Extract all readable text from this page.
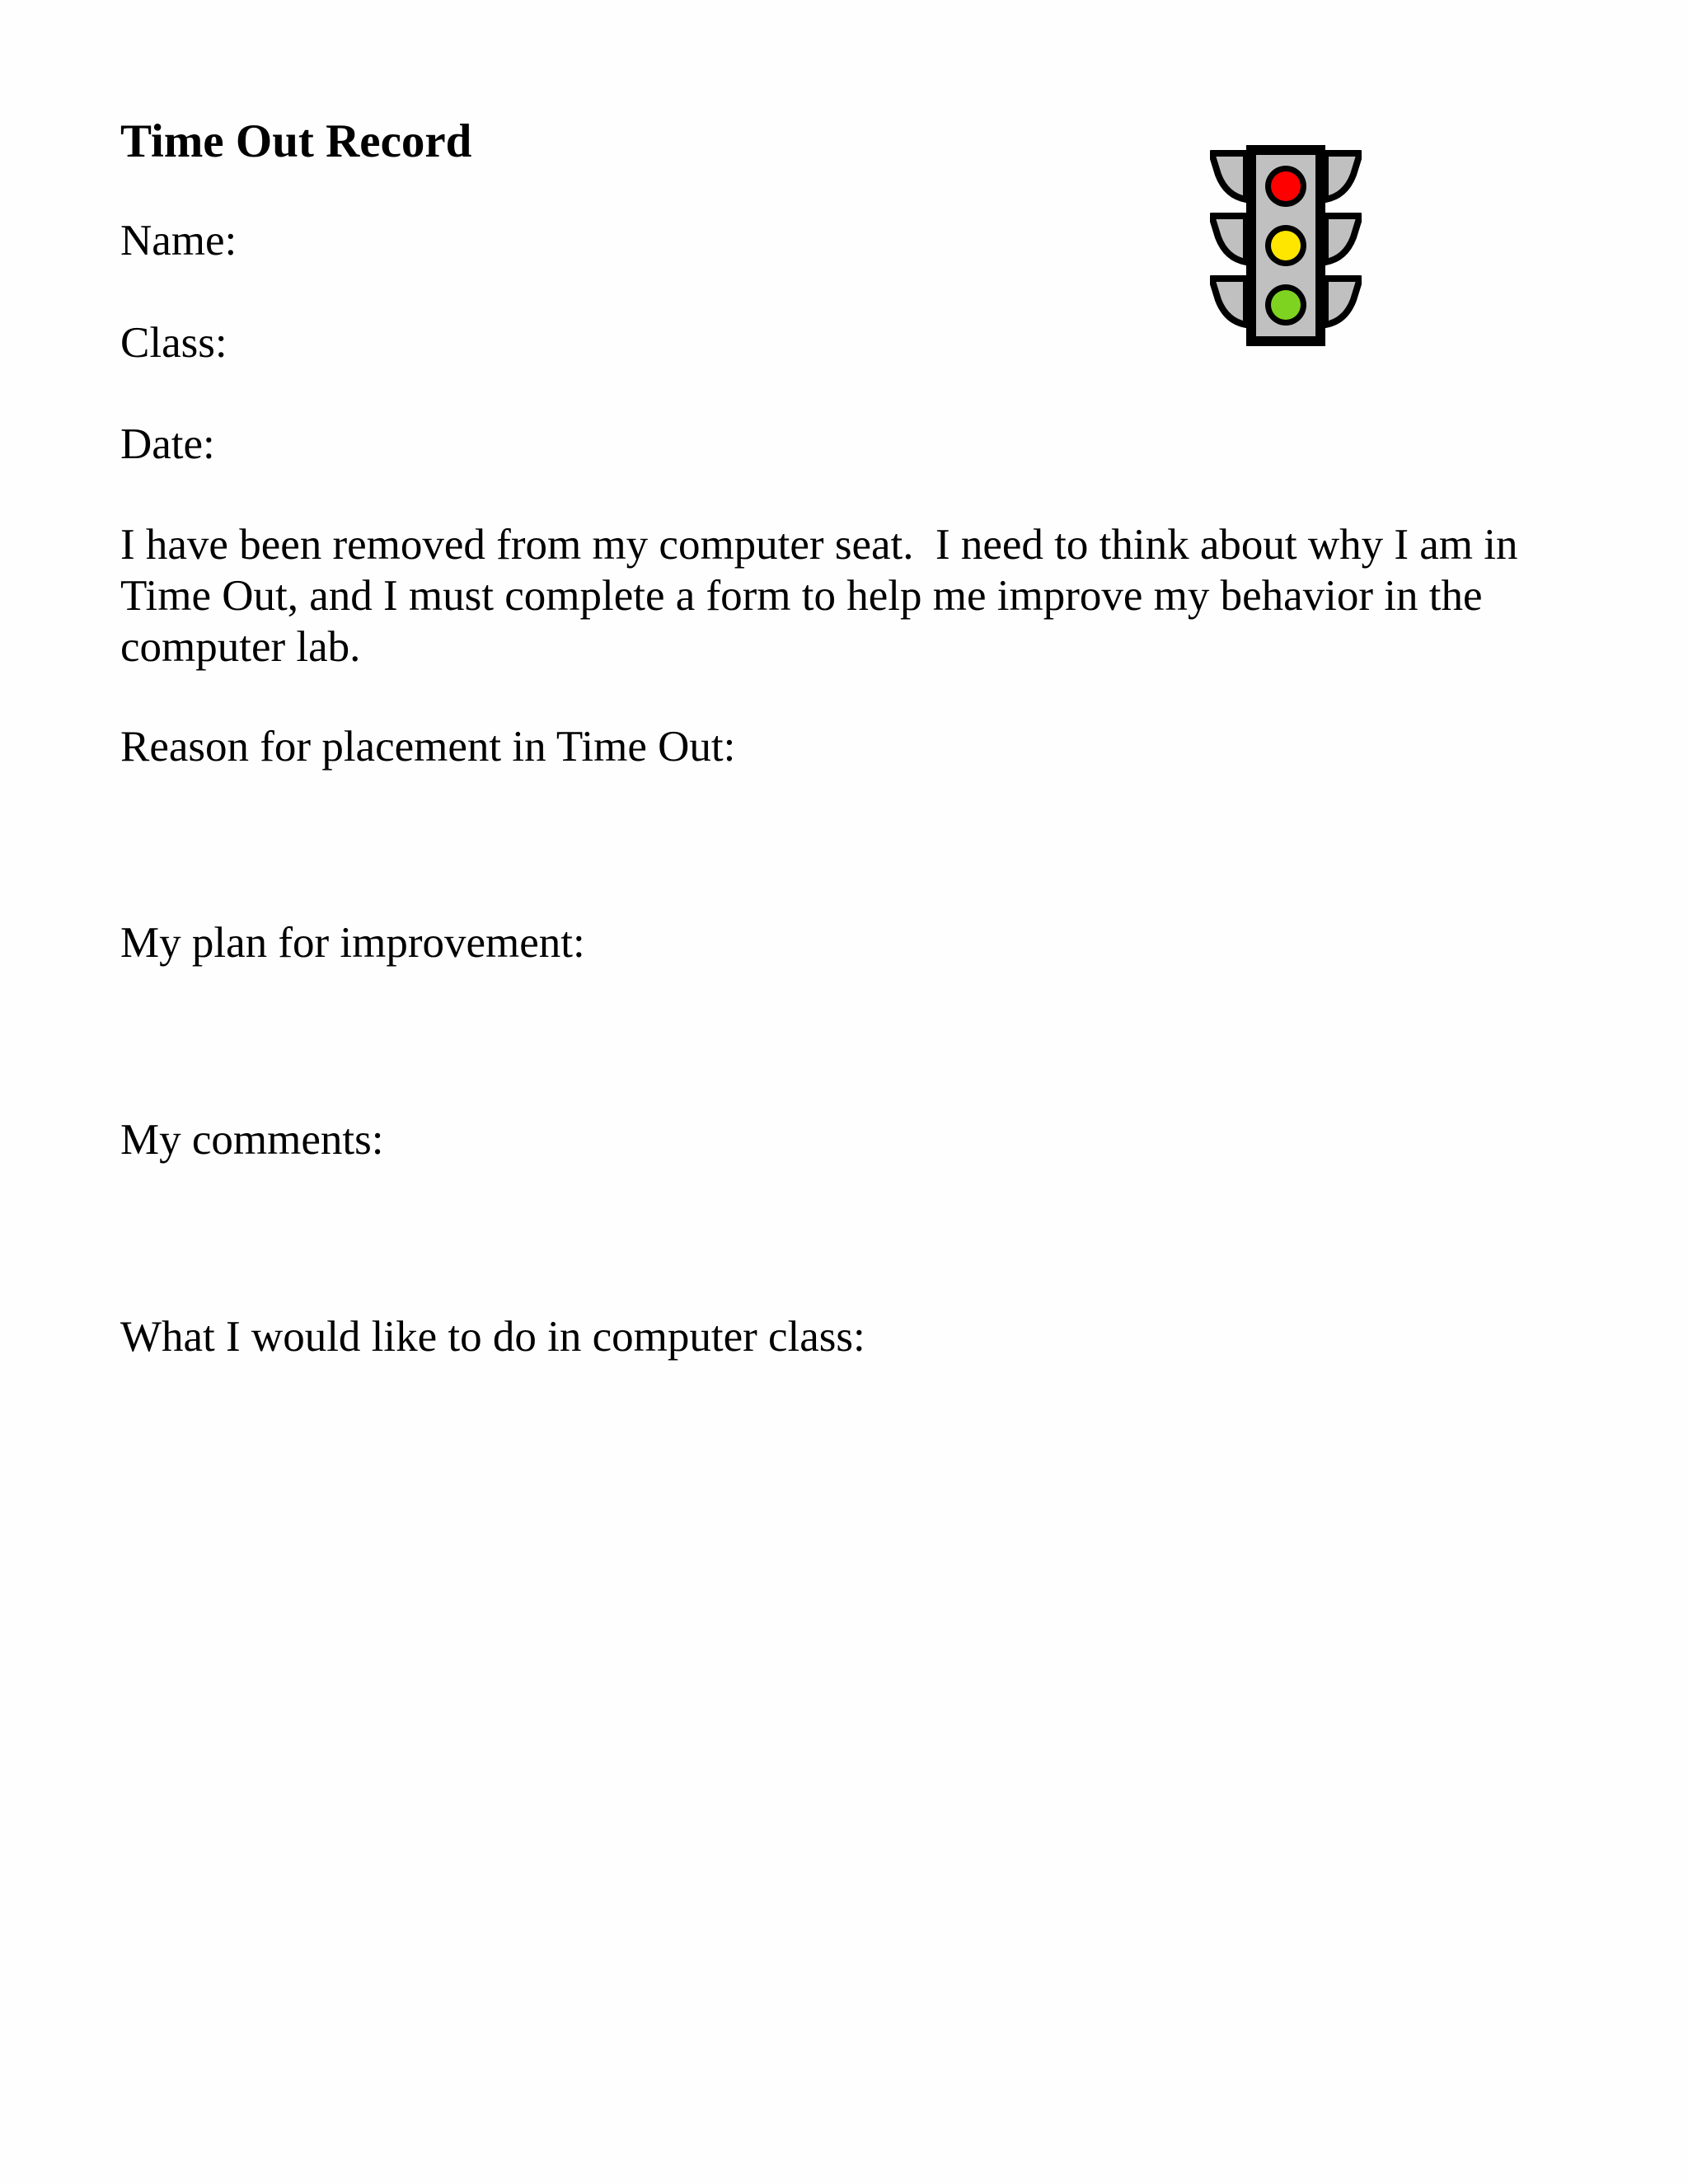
Time Out Record

Name:

Class:

Date:

I have been removed from my computer seat.  I need to think about why I am in
Time Out, and I must complete a form to help me improve my behavior in the
computer lab.

Reason for placement in Time Out:

My plan for improvement:

My comments:

What I would like to do in computer class:
